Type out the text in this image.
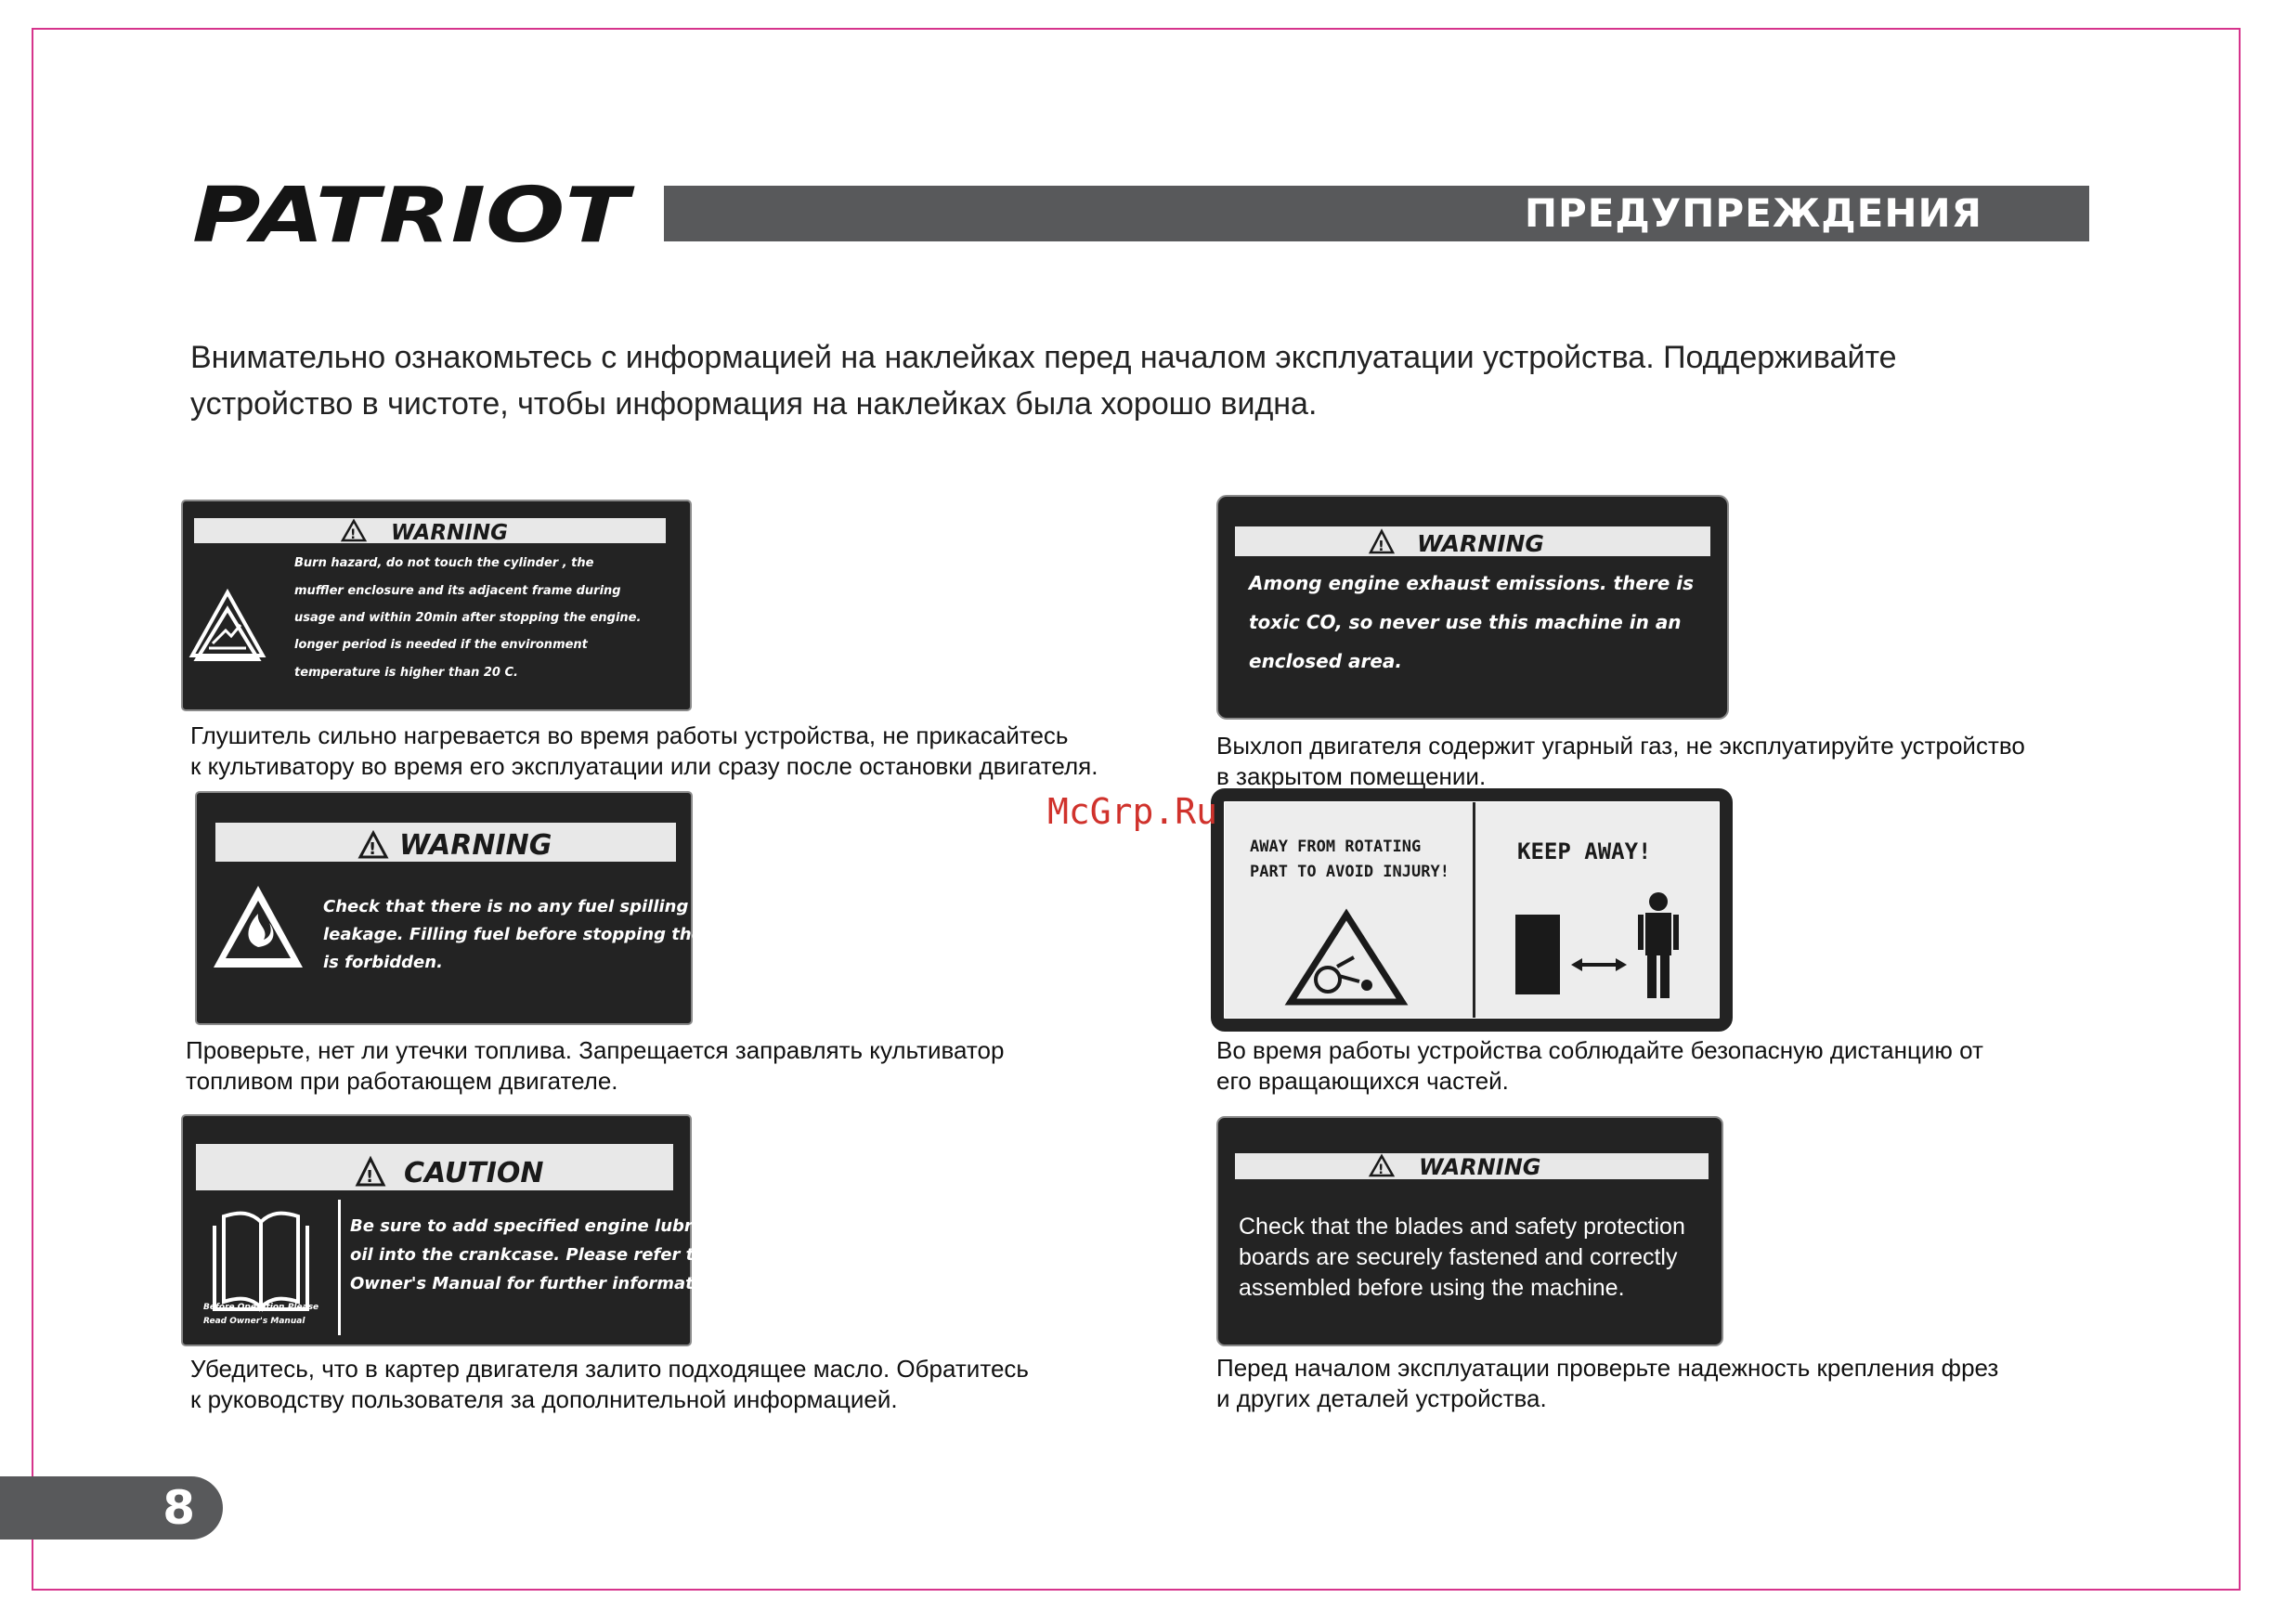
PATRIOT	ПРЕДУПРЕЖДЕНИЯ

Внимательно ознакомьтесь с информацией на наклейках перед началом эксплуатации устройства. Поддерживайте
устройство в чистоте, чтобы информация на наклейках была хорошо видна.

! WARNING
Burn hazard, do not touch the cylinder , the
muffler enclosure and its adjacent frame during
usage and within 20min after stopping the engine.
longer period is needed if the environment
temperature is higher than 20 C.

Глушитель сильно нагревается во время работы устройства, не прикасайтесь
к культиватору во время его эксплуатации или сразу после остановки двигателя.

! WARNING
Check that there is no any fuel spilling or fuel
leakage. Filling fuel before stopping the engine
is forbidden.

Проверьте, нет ли утечки топлива. Запрещается заправлять культиватор
топливом при работающем двигателе.

! CAUTION
Before Operation,Please
Read Owner's Manual
Be sure to add specified engine lubricating
oil into the crankcase. Please refer to
Owner's Manual for further information.

Убедитесь, что в картер двигателя залито подходящее масло. Обратитесь
к руководству пользователя за дополнительной информацией.

! WARNING
Among engine exhaust emissions. there is
toxic CO, so never use this machine in an
enclosed area.

Выхлоп двигателя содержит угарный газ, не эксплуатируйте устройство
в закрытом помещении.

AWAY FROM ROTATING
PART TO AVOID INJURY!
KEEP AWAY!

Во время работы устройства соблюдайте безопасную дистанцию от
его вращающихся частей.

! WARNING
Check that the blades and safety protection
boards are securely fastened and correctly
assembled before using the machine.

Перед началом эксплуатации проверьте надежность крепления фрез
и других деталей устройства.

McGrp.Ru
8
